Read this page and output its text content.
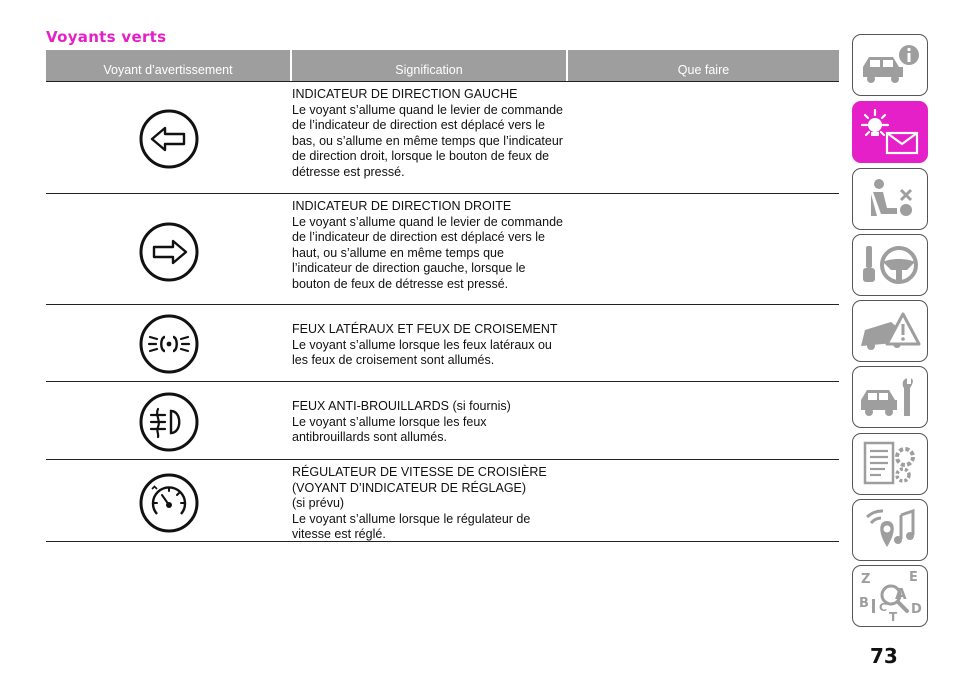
Voyants verts
Voyant d’avertissement	Signification	Que faire
INDICATEUR DE DIRECTION GAUCHE
Le voyant s’allume quand le levier de commande de l’indicateur de direction est déplacé vers le bas, ou s’allume en même temps que l’indicateur de direction droit, lorsque le bouton de feux de détresse est pressé.
INDICATEUR DE DIRECTION DROITE
Le voyant s’allume quand le levier de commande de l’indicateur de direction est déplacé vers le haut, ou s’allume en même temps que l’indicateur de direction gauche, lorsque le bouton de feux de détresse est pressé.
FEUX LATÉRAUX ET FEUX DE CROISEMENT
Le voyant s’allume lorsque les feux latéraux ou les feux de croisement sont allumés.
FEUX ANTI-BROUILLARDS (si fournis)
Le voyant s’allume lorsque les feux antibrouillards sont allumés.
RÉGULATEUR DE VITESSE DE CROISIÈRE (VOYANT D’INDICATEUR DE RÉGLAGE)
(si prévu)
Le voyant s’allume lorsque le régulateur de vitesse est réglé.
Z	E
A
B C D
T
73
